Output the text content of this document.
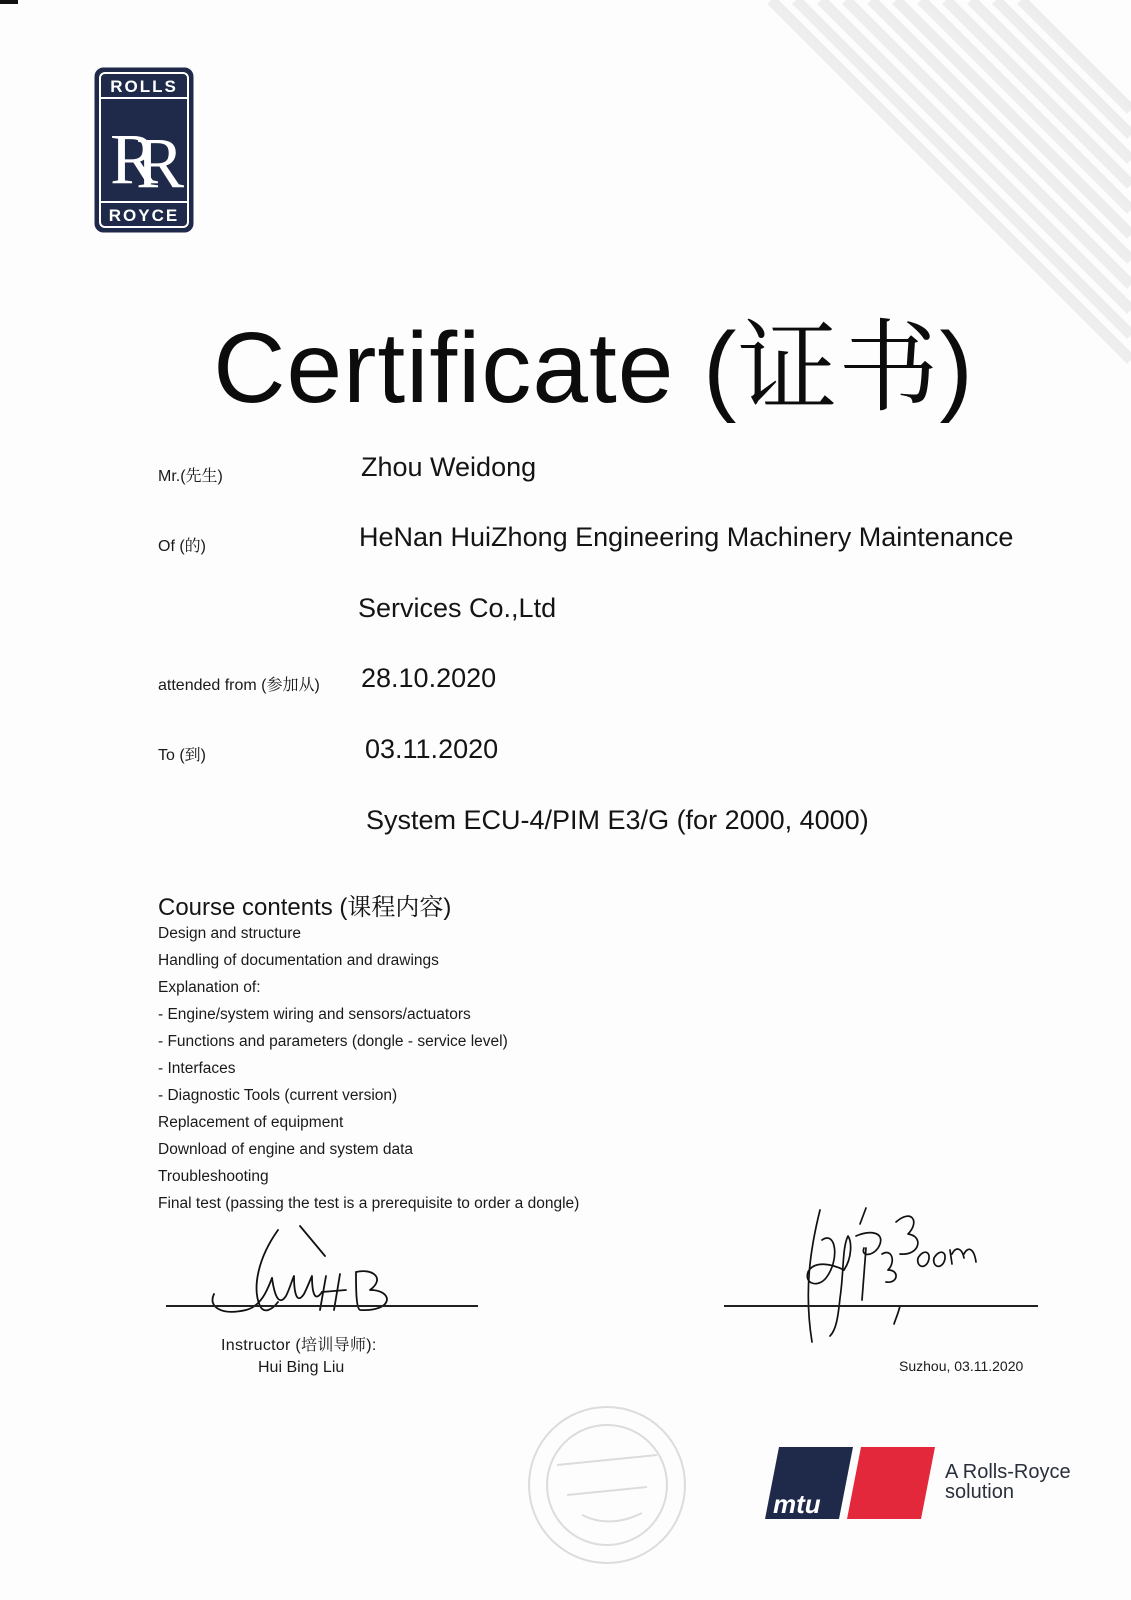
ROLLS
RR
ROYCE
Certificate (证书)
Mr.(先生)	Zhou Weidong
Of (的)	HeNan HuiZhong Engineering Machinery Maintenance
Services Co.,Ltd
attended from (参加从) 28.10.2020
To (到)	03.11.2020
System ECU-4/PIM E3/G (for 2000, 4000)
Course contents (课程内容)
Design and structure
Handling of documentation and drawings
Explanation of:
- Engine/system wiring and sensors/actuators
- Functions and parameters (dongle - service level)
- Interfaces
- Diagnostic Tools (current version)
Replacement of equipment
Download of engine and system data
Troubleshooting
Final test (passing the test is a prerequisite to order a dongle)
Instructor (培训导师):
Hui Bing Liu	Suzhou, 03.11.2020
mtu
A Rolls-Royce
solution
